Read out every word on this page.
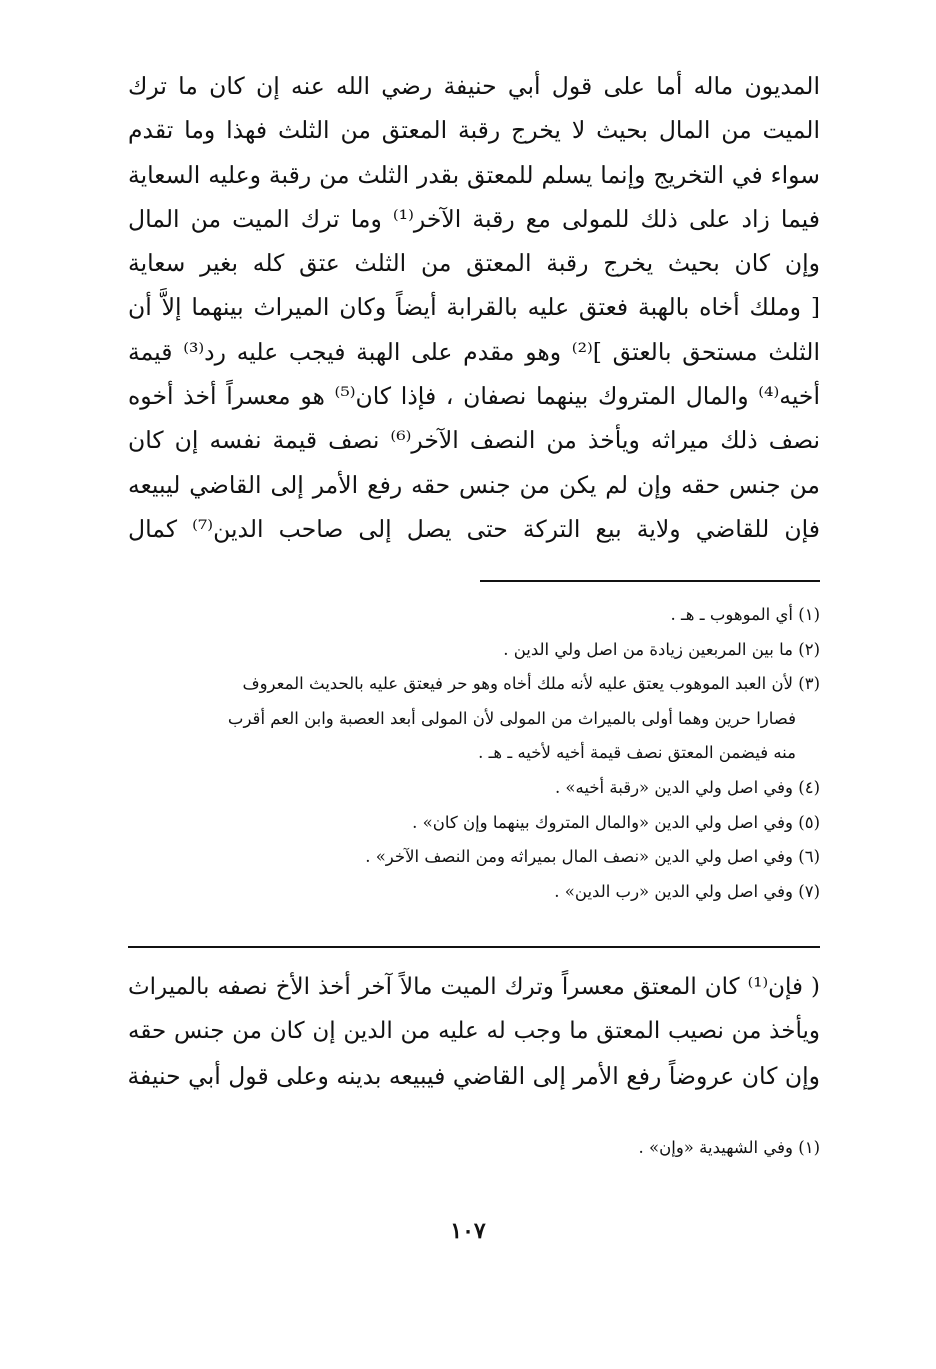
المديون ماله أما على قول أبي حنيفة رضي الله عنه إن كان ما ترك
الميت من المال بحيث لا يخرج رقبة المعتق من الثلث فهذا وما تقدم
سواء في التخريج وإنما يسلم للمعتق بقدر الثلث من رقبة وعليه السعاية
فيما زاد على ذلك للمولى مع رقبة الآخر⁽¹⁾ وما ترك الميت من المال
وإن كان بحيث يخرج رقبة المعتق من الثلث عتق كله بغير سعاية
[ وملك أخاه بالهبة فعتق عليه بالقرابة أيضاً وكان الميراث بينهما إلاَّ أن
الثلث مستحق بالعتق ]⁽²⁾ وهو مقدم على الهبة فيجب عليه رد⁽³⁾ قيمة
أخيه⁽⁴⁾ والمال المتروك بينهما نصفان ، فإذا كان⁽⁵⁾ هو معسراً أخذ أخوه
نصف ذلك ميراثه ويأخذ من النصف الآخر⁽⁶⁾ نصف قيمة نفسه إن كان
من جنس حقه وإن لم يكن من جنس حقه رفع الأمر إلى القاضي ليبيعه
فإن للقاضي ولاية بيع التركة حتى يصل إلى صاحب الدين⁽⁷⁾ كمال
(١) أي الموهوب ـ هـ .
(٢) ما بين المربعين زيادة من اصل ولي الدين .
(٣) لأن العبد الموهوب يعتق عليه لأنه ملك أخاه وهو حر فيعتق عليه بالحديث المعروف
فصارا حرين وهما أولى بالميراث من المولى لأن المولى أبعد العصبة وابن العم أقرب
منه فيضمن المعتق نصف قيمة أخيه لأخيه ـ هـ .
(٤) وفي اصل ولي الدين «رقبة أخيه» .
(٥) وفي اصل ولي الدين «والمال المتروك بينهما وإن كان» .
(٦) وفي اصل ولي الدين «نصف المال بميراثه ومن النصف الآخر» .
(٧) وفي اصل ولي الدين «رب الدين» .
( فإن⁽¹⁾ كان المعتق معسراً وترك الميت مالاً آخر أخذ الأخ نصفه بالميراث
ويأخذ من نصيب المعتق ما وجب له عليه من الدين إن كان من جنس حقه
وإن كان عروضاً رفع الأمر إلى القاضي فيبيعه بدينه وعلى قول أبي حنيفة
(١) وفي الشهيدية «وإن» .
١٠٧
